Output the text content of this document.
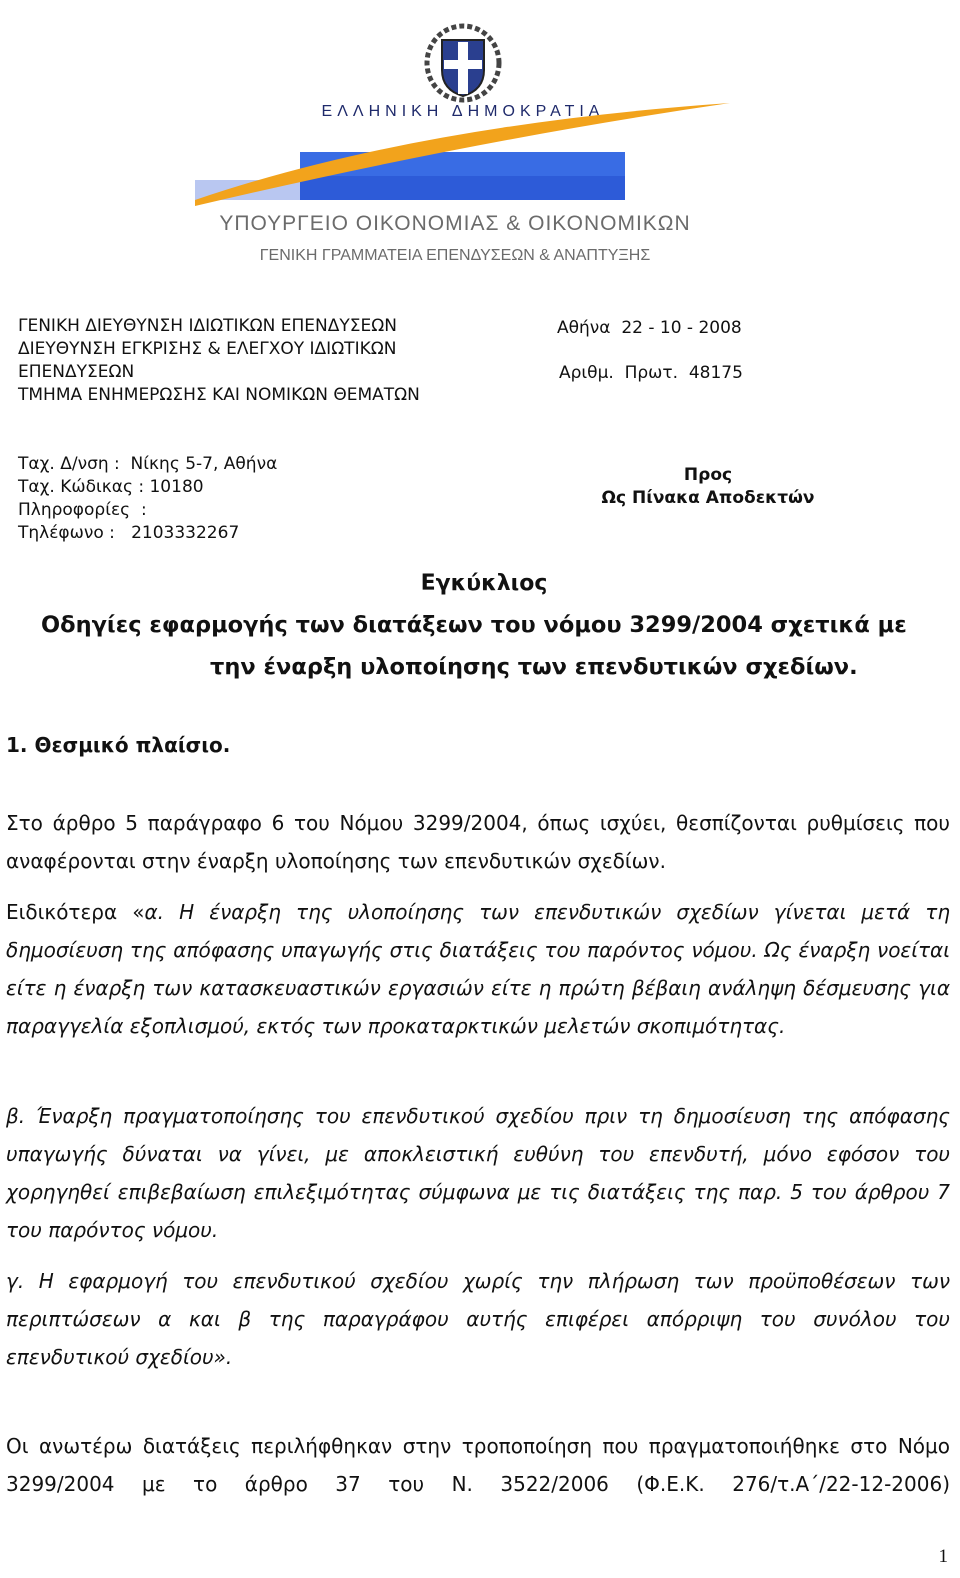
ΕΛΛΗΝΙΚΗ ΔΗΜΟΚΡΑΤΙΑ
ΥΠΟΥΡΓΕΙΟ ΟΙΚΟΝΟΜΙΑΣ & ΟΙΚΟΝΟΜΙΚΩΝ
ΓΕΝΙΚΗ ΓΡΑΜΜΑΤΕΙΑ ΕΠΕΝΔΥΣΕΩΝ & ΑΝΑΠΤΥΞΗΣ
ΓΕΝΙΚΗ ΔΙΕΥΘΥΝΣΗ ΙΔΙΩΤΙΚΩΝ ΕΠΕΝΔΥΣΕΩΝ
ΔΙΕΥΘΥΝΣΗ ΕΓΚΡΙΣΗΣ & ΕΛΕΓΧΟΥ ΙΔΙΩΤΙΚΩΝ
ΕΠΕΝΔΥΣΕΩΝ
ΤΜΗΜΑ ΕΝΗΜΕΡΩΣΗΣ ΚΑΙ ΝΟΜΙΚΩΝ ΘΕΜΑΤΩΝ
Αθήνα  22 - 10 - 2008
Αριθμ.  Πρωτ.  48175
Ταχ. Δ/νση :  Νίκης 5-7, Αθήνα
Ταχ. Κώδικας : 10180
Πληροφορίες  :
Τηλέφωνο :   2103332267
Προς
Ως Πίνακα Αποδεκτών
Εγκύκλιος
Οδηγίες εφαρμογής των διατάξεων του νόμου 3299/2004 σχετικά με
την έναρξη υλοποίησης των επενδυτικών σχεδίων.
1. Θεσμικό πλαίσιο.
Στο άρθρο 5 παράγραφο 6 του Νόμου 3299/2004, όπως ισχύει, θεσπίζονται ρυθμίσεις που αναφέρονται στην έναρξη υλοποίησης των επενδυτικών σχεδίων.
Ειδικότερα «α. Η έναρξη της υλοποίησης των επενδυτικών σχεδίων γίνεται μετά τη δημοσίευση της απόφασης υπαγωγής στις διατάξεις του παρόντος νόμου. Ως έναρξη νοείται είτε η έναρξη των κατασκευαστικών εργασιών είτε η πρώτη βέβαιη ανάληψη δέσμευσης για παραγγελία εξοπλισμού, εκτός των προκαταρκτικών μελετών σκοπιμότητας.
β. Έναρξη πραγματοποίησης του επενδυτικού σχεδίου πριν τη δημοσίευση της απόφασης υπαγωγής δύναται να γίνει, με αποκλειστική ευθύνη του επενδυτή, μόνο εφόσον του χορηγηθεί επιβεβαίωση επιλεξιμότητας σύμφωνα με τις διατάξεις της παρ. 5 του άρθρου 7 του παρόντος νόμου.
γ. Η εφαρμογή του επενδυτικού σχεδίου χωρίς την πλήρωση των προϋποθέσεων των περιπτώσεων α και β της παραγράφου αυτής επιφέρει απόρριψη του συνόλου του επενδυτικού σχεδίου».
Οι ανωτέρω διατάξεις περιλήφθηκαν στην τροποποίηση που πραγματοποιήθηκε στο Νόμο 3299/2004 με το άρθρο 37 του Ν. 3522/2006 (Φ.Ε.Κ. 276/τ.Α΄/22-12-2006)
1
